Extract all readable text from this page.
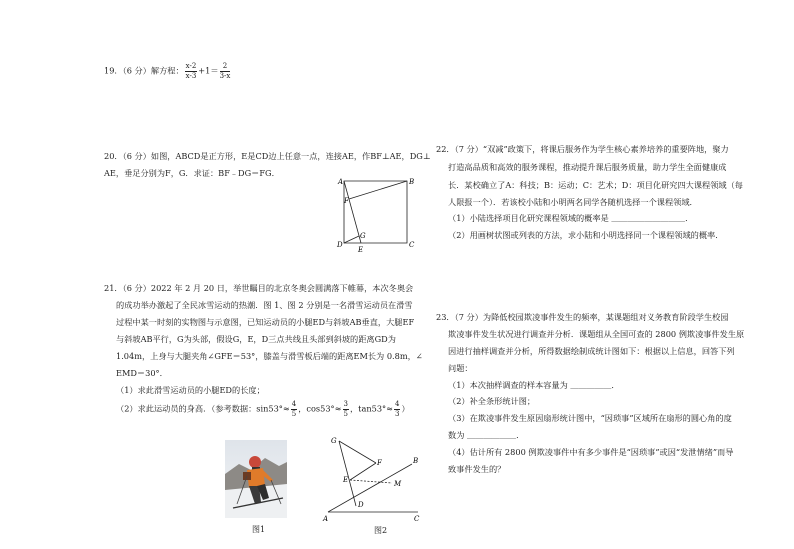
19．（6 分）解方程： $\frac{x-2}{x-3} +1= \frac{2}{3-x}$
20．（6 分）如图，ABCD是正方形，E是CD边上任意一点，连接AE，作BF⊥AE，DG⊥
AE，垂足分别为F，G．求证：BF﹣DG＝FG．
A	B
C
D
E
F
G
21．（6 分）2022 年 2 月 20 日，举世瞩目的北京冬奥会圆满落下帷幕，本次冬奥会
的成功举办激起了全民冰雪运动的热潮．图 1、图 2 分别是一名滑雪运动员在滑雪
过程中某一时刻的实物图与示意图，已知运动员的小腿ED与斜坡AB垂直，大腿EF
与斜坡AB平行，G为头部，假设G，E，D三点共线且头部到斜坡的距离GD为
1.04m，上身与大腿夹角∠GFE＝53°，膝盖与滑雪板后端的距离EM长为 0.8m，∠
EMD＝30°．
（1）求此滑雪运动员的小腿ED的长度；
（2）求此运动员的身高．（参考数据：$\sin 53^\circ\approx \frac{4}{5}$ ，$\cos 53^\circ\approx \frac{3}{5}$ ，$\tan 53^\circ\approx \frac{4}{3}$ ）
图1
G
F
E	M
D
A	C
B
图2
22．（7 分）“双减”政策下，将课后服务作为学生核心素养培养的重要阵地，聚力
打造高品质和高效的服务课程，推动提升课后服务质量，助力学生全面健康成
长．某校确立了A：科技；B：运动；C：艺术；D：项目化研究四大课程领域（每
人限报一个）．若该校小陆和小明两名同学各随机选择一个课程领域．
（1）小陆选择项目化研究课程领域的概率是 ＿＿＿＿＿＿＿＿＿．
（2）用画树状图或列表的方法，求小陆和小明选择同一个课程领域的概率．
23．（7 分）为降低校园欺凌事件发生的频率，某课题组对义务教育阶段学生校园
欺凌事件发生状况进行调查并分析．课题组从全国可查的 2800 例欺凌事件发生原
因进行抽样调查并分析，所得数据绘制成统计图如下：根据以上信息，回答下列
问题：
（1）本次抽样调查的样本容量为 ＿＿＿＿＿．
（2）补全条形统计图；
（3）在欺凌事件发生原因扇形统计图中，“因琐事”区域所在扇形的圆心角的度
数为 ＿＿＿＿＿＿．
（4）估计所有 2800 例欺凌事件中有多少事件是“因琐事”或因“发泄情绪”而导
致事件发生的？
